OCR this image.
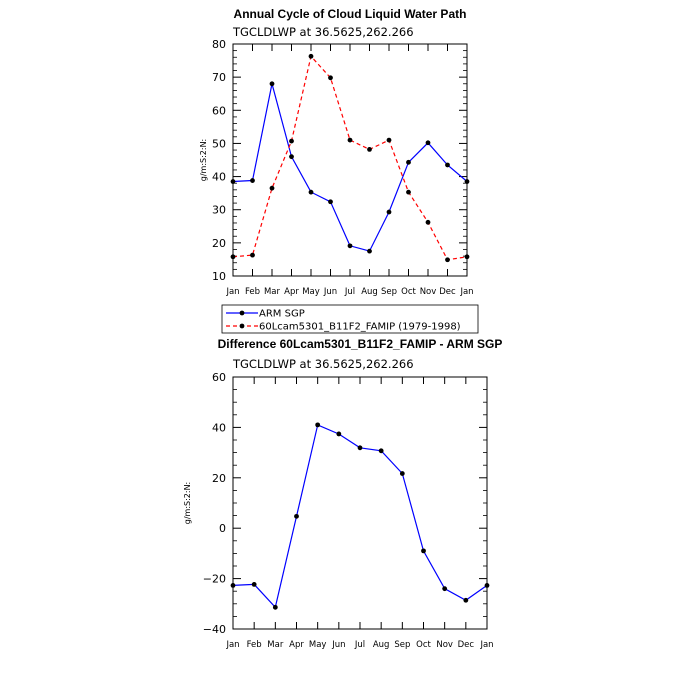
Annual Cycle of Cloud Liquid Water Path
TGCLDLWP at 36.5625,262.266
g/m:S:2:N:
Jan Feb Mar Apr May Jun Jul Aug Sep Oct Nov Dec Jan
10
20
30
40
50
60
70
80
ARM SGP
60Lcam5301_B11F2_FAMIP (1979-1998)
Difference 60Lcam5301_B11F2_FAMIP - ARM SGP
TGCLDLWP at 36.5625,262.266
g/m:S:2:N:
Jan Feb Mar Apr May Jun Jul Aug Sep Oct Nov Dec Jan
−40
−20
0
20
40
60
